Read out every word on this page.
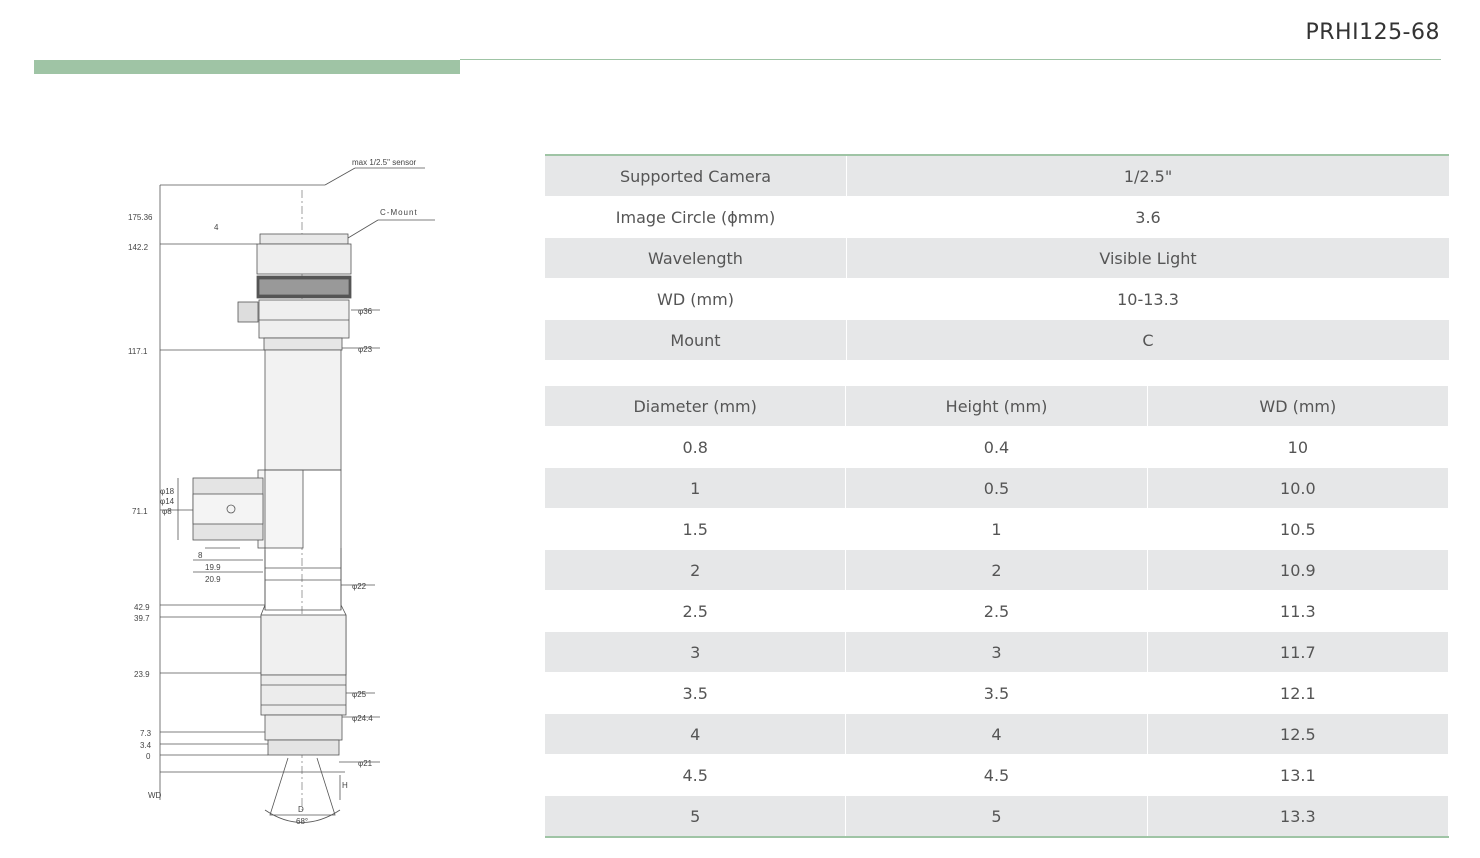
PRHI125-68
max 1/2.5" sensor
C-Mount
175.36
142.2
117.1
71.1
42.9
39.7
23.9
7.3
3.4
0
WD
φ36
φ23
φ22
φ25
φ24.4
φ21
φ18
φ14
φ8
8
19.9
20.9
4
H
D
68°
Supported Camera	1/2.5"
Image Circle (ϕmm)	3.6
Wavelength	Visible Light
WD (mm)	10-13.3
Mount	C
Diameter (mm)	Height (mm)	WD (mm)
0.8	0.4	10
1	0.5	10.0
1.5	1	10.5
2	2	10.9
2.5	2.5	11.3
3	3	11.7
3.5	3.5	12.1
4	4	12.5
4.5	4.5	13.1
5	5	13.3
